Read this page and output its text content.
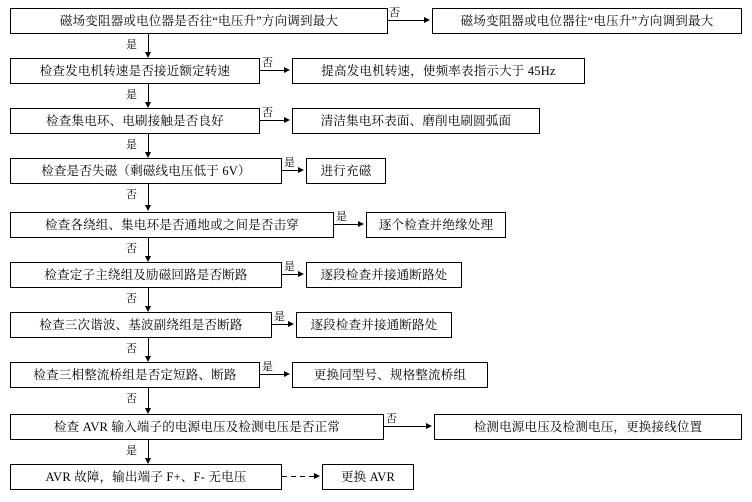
磁场变阻器或电位器是否往“电压升”方向调到最大
否
磁场变阻器或电位器往“电压升”方向调到最大
是
检查发电机转速是否接近额定转速
否
提高发电机转速，使频率表指示大于 45Hz
是
检查集电环、电刷接触是否良好
否
清洁集电环表面、磨削电刷圆弧面
是
检查是否失磁（剩磁线电压低于 6V）
是
进行充磁
否
检查各绕组、集电环是否通地或之间是否击穿
是
逐个检查并绝缘处理
否
检查定子主绕组及励磁回路是否断路
是
逐段检查并接通断路处
否
检查三次谐波、基波副绕组是否断路
是
逐段检查并接通断路处
否
检查三相整流桥组是否定短路、断路
是
更换同型号、规格整流桥组
否
检查 AVR 输入端子的电源电压及检测电压是否正常
否
检测电源电压及检测电压，更换接线位置
是
AVR 故障，输出端子 F+、F- 无电压	更换 AVR
